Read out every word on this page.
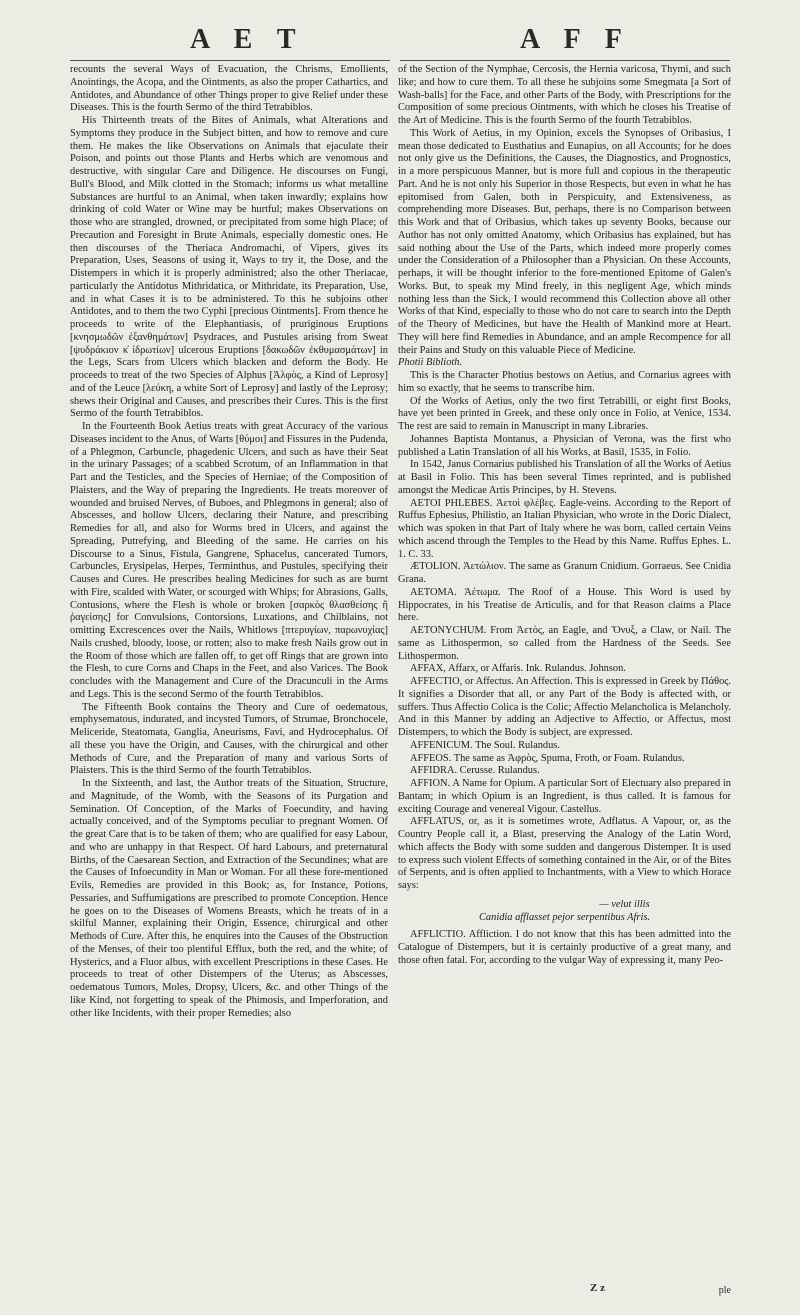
A E T	A F F

recounts the several Ways of Evacuation, the Chrisms, Emollients, Anointings, the Acopa, and the Ointments, as also the proper Cathartics, and Antidotes, and Abundance of other Things proper to give Relief under these Diseases. This is the fourth Sermo of the third Tetrabiblos.

His Thirteenth treats of the Bites of Animals, what Alterations and Symptoms they produce in the Subject bitten, and how to remove and cure them. He makes the like Observations on Animals that ejaculate their Poison, and points out those Plants and Herbs which are venomous and destructive, with singular Care and Diligence. He discourses on Fungi, Bull's Blood, and Milk clotted in the Stomach; informs us what metalline Substances are hurtful to an Animal, when taken inwardly; explains how drinking of cold Water or Wine may be hurtful; makes Observations on those who are strangled, drowned, or precipitated from some high Place; of Precaution and Foresight in Brute Animals, especially domestic ones. He then discourses of the Theriaca Andromachi, of Vipers, gives its Preparation, Uses, Seasons of using it, Ways to try it, the Dose, and the Distempers in which it is properly administred; also the other Theriacae, particularly the Antidotus Mithridatica, or Mithridate, its Preparation, Use, and in what Cases it is to be administered. To this he subjoins other Antidotes, and to them the two Cyphi [precious Ointments]. From thence he proceeds to write of the Elephantiasis, of pruriginous Eruptions [κνησμωδῶν ἐξανθημάτων] Psydraces, and Pustules arising from Sweat [ψυδράκιον κ̓ ἱδρωτίων] ulcerous Eruptions [δακωδῶν ἐκθυμασμάτων] in the Legs, Scars from Ulcers which blacken and deform the Body. He proceeds to treat of the two Species of Alphus [Ἀλφὸς, a Kind of Leprosy] and of the Leuce [λεύκη, a white Sort of Leprosy] and lastly of the Leprosy; shews their Original and Causes, and prescribes their Cures. This is the first Sermo of the fourth Tetrabiblos.

In the Fourteenth Book Aetius treats with great Accuracy of the various Diseases incident to the Anus, of Warts [θύμοι] and Fissures in the Pudenda, of a Phlegmon, Carbuncle, phagedenic Ulcers, and such as have their Seat in the urinary Passages; of a scabbed Scrotum, of an Inflammation in that Part and the Testicles, and the Species of Herniae; of the Composition of Plaisters, and the Way of preparing the Ingredients. He treats moreover of wounded and bruised Nerves, of Buboes, and Phlegmons in general; also of Abscesses, and hollow Ulcers, declaring their Nature, and prescribing Remedies for all, and also for Worms bred in Ulcers, and against the Spreading, Putrefying, and Bleeding of the same. He carries on his Discourse to a Sinus, Fistula, Gangrene, Sphacelus, cancerated Tumors, Carbuncles, Erysipelas, Herpes, Terminthus, and Pustules, specifying their Causes and Cures. He prescribes healing Medicines for such as are burnt with Fire, scalded with Water, or scourged with Whips; for Abrasions, Galls, Contusions, where the Flesh is whole or broken [σαρκὸς θλασθείσης ἢ ῥαγείσης] for Convulsions, Contorsions, Luxations, and Chilblains, not omitting Excrescences over the Nails, Whitlows [πτερυγίων, παρωνυχίας] Nails crushed, bloody, loose, or rotten; also to make fresh Nails grow out in the Room of those which are fallen off, to get off Rings that are grown into the Flesh, to cure Corns and Chaps in the Feet, and also Varices. The Book concludes with the Management and Cure of the Dracunculi in the Arms and Legs. This is the second Sermo of the fourth Tetrabiblos.

The Fifteenth Book contains the Theory and Cure of oedematous, emphysematous, indurated, and incysted Tumors, of Strumae, Bronchocele, Meliceride, Steatomata, Ganglia, Aneurisms, Favi, and Hydrocephalus. Of all these you have the Origin, and Causes, with the chirurgical and other Methods of Cure, and the Preparation of many and various Sorts of Plaisters. This is the third Sermo of the fourth Tetrabiblos.

In the Sixteenth, and last, the Author treats of the Situation, Structure, and Magnitude, of the Womb, with the Seasons of its Purgation and Semination. Of Conception, of the Marks of Foecundity, and having actually conceived, and of the Symptoms peculiar to pregnant Women. Of the great Care that is to be taken of them; who are qualified for easy Labour, and who are unhappy in that Respect. Of hard Labours, and preternatural Births, of the Caesarean Section, and Extraction of the Secundines; what are the Causes of Infoecundity in Man or Woman. For all these fore-mentioned Evils, Remedies are provided in this Book; as, for Instance, Potions, Pessaries, and Suffumigations are prescribed to promote Conception. Hence he goes on to the Diseases of Womens Breasts, which he treats of in a skilful Manner, explaining their Origin, Essence, chirurgical and other Methods of Cure. After this, he enquires into the Causes of the Obstruction of the Menses, of their too plentiful Efflux, both the red, and the white; of Hysterics, and a Fluor albus, with excellent Prescriptions in these Cases. He proceeds to treat of other Distempers of the Uterus; as Abscesses, oedematous Tumors, Moles, Dropsy, Ulcers, &c. and other Things of the like Kind, not forgetting to speak of the Phimosis, and Imperforation, and other like Incidents, with their proper Remedies; also

of the Section of the Nymphae, Cercosis, the Hernia varicosa, Thymi, and such like; and how to cure them. To all these he subjoins some Smegmata [a Sort of Wash-balls] for the Face, and other Parts of the Body, with Prescriptions for the Composition of some precious Ointments, with which he closes his Treatise of the Art of Medicine. This is the fourth Sermo of the fourth Tetrabiblos.

This Work of Aetius, in my Opinion, excels the Synopses of Oribasius, I mean those dedicated to Eusthatius and Eunapius, on all Accounts; for he does not only give us the Definitions, the Causes, the Diagnostics, and Prognostics, in a more perspicuous Manner, but is more full and copious in the therapeutic Part. And he is not only his Superior in those Respects, but even in what he has epitomised from Galen, both in Perspicuity, and Extensiveness, as comprehending more Diseases. But, perhaps, there is no Comparison between this Work and that of Oribasius, which takes up seventy Books, because our Author has not only omitted Anatomy, which Oribasius has explained, but has said nothing about the Use of the Parts, which indeed more properly comes under the Consideration of a Philosopher than a Physician. On these Accounts, perhaps, it will be thought inferior to the fore-mentioned Epitome of Galen's Works. But, to speak my Mind freely, in this negligent Age, which minds nothing less than the Sick, I would recommend this Collection above all other Works of that Kind, especially to those who do not care to search into the Depth of the Theory of Medicines, but have the Health of Mankind more at Heart. They will here find Remedies in Abundance, and an ample Recompence for all their Pains and Study on this valuable Piece of Medicine.

Photii Biblioth.

This is the Character Photius bestows on Aetius, and Cornarius agrees with him so exactly, that he seems to transcribe him.

Of the Works of Aetius, only the two first Tetrabilli, or eight first Books, have yet been printed in Greek, and these only once in Folio, at Venice, 1534. The rest are said to remain in Manuscript in many Libraries.

Johannes Baptista Montanus, a Physician of Verona, was the first who published a Latin Translation of all his Works, at Basil, 1535, in Folio.

In 1542, Janus Cornarius published his Translation of all the Works of Aetius at Basil in Folio. This has been several Times reprinted, and is published amongst the Medicae Artis Principes, by H. Stevens.

AETOI PHLEBES. Ἀετοὶ φλέβες. Eagle-veins. According to the Report of Ruffus Ephesius, Philistio, an Italian Physician, who wrote in the Doric Dialect, which was spoken in that Part of Italy where he was born, called certain Veins which ascend through the Temples to the Head by this Name. Ruffus Ephes. L. 1. C. 33.

ÆTOLION. Ἀετώλιον. The same as Granum Cnidium. Gorraeus. See Cnidia Grana.

AETOMA. Ἀέτωμα. The Roof of a House. This Word is used by Hippocrates, in his Treatise de Articulis, and for that Reason claims a Place here.

AETONYCHUM. From Ἀετὸς, an Eagle, and Ὄνυξ, a Claw, or Nail. The same as Lithospermon, so called from the Hardness of the Seeds. See Lithospermon.

AFFAX, Affarx, or Affaris. Ink. Rulandus. Johnson.

AFFECTIO, or Affectus. An Affection. This is expressed in Greek by Πάθος. It signifies a Disorder that all, or any Part of the Body is affected with, or suffers. Thus Affectio Colica is the Colic; Affectio Melancholica is Melancholy. And in this Manner by adding an Adjective to Affectio, or Affectus, most Distempers, to which the Body is subject, are expressed.

AFFENICUM. The Soul. Rulandus.

AFFEOS. The same as Ἀφρὸς, Spuma, Froth, or Foam. Rulandus.

AFFIDRA. Cerusse. Rulandus.

AFFION. A Name for Opium. A particular Sort of Electuary also prepared in Bantam; in which Opium is an Ingredient, is thus called. It is famous for exciting Courage and venereal Vigour. Castellus.

AFFLATUS, or, as it is sometimes wrote, Adflatus. A Vapour, or, as the Country People call it, a Blast, preserving the Analogy of the Latin Word, which affects the Body with some sudden and dangerous Distemper. It is used to express such violent Effects of something contained in the Air, or of the Bites of Serpents, and is often applied to Inchantments, with a View to which Horace says:

— velut illis
Canidia afflasset pejor serpentibus Afris.

AFFLICTIO. Affliction. I do not know that this has been admitted into the Catalogue of Distempers, but it is certainly productive of a great many, and those often fatal. For, according to the vulgar Way of expressing it, many Peo-

Z z	ple
